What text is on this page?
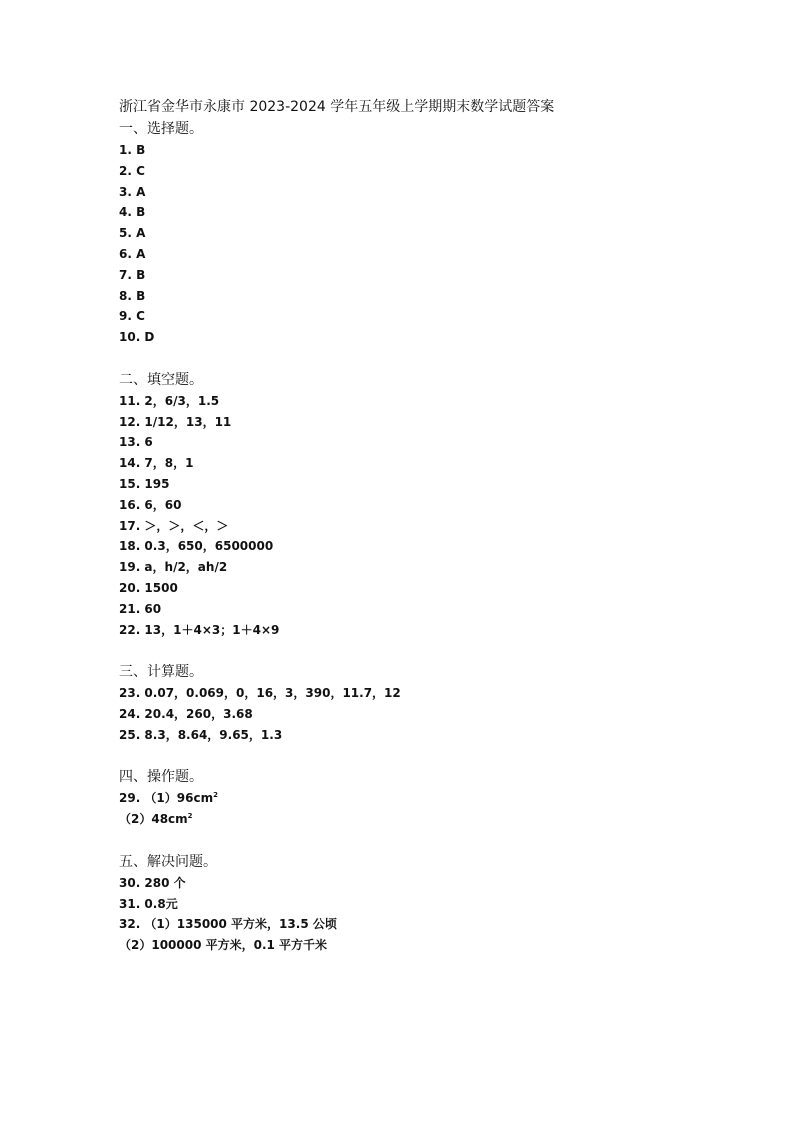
浙江省金华市永康市 2023-2024 学年五年级上学期期末数学试题答案
一、选择题。
1. B
2. C
3. A
4. B
5. A
6. A
7. B
8. B
9. C
10. D
二、填空题。
11. 2，6/3，1.5
12. 1/12，13，11
13. 6
14. 7，8，1
15. 195
16. 6，60
17. ＞，＞，＜，＞
18. 0.3，650，6500000
19. a，h/2，ah/2
20. 1500
21. 60
22. 13，1＋4×3；1＋4×9
三、计算题。
23. 0.07，0.069，0，16，3，390，11.7，12
24. 20.4，260，3.68
25. 8.3，8.64，9.65，1.3
四、操作题。
29. $(1)96cm^2$
$(2)48cm^2$
五、解决问题。
30. 280 个
31. 0.8元
32. （1）135000 平方米，13.5 公顷
（2）100000 平方米，0.1 平方千米
